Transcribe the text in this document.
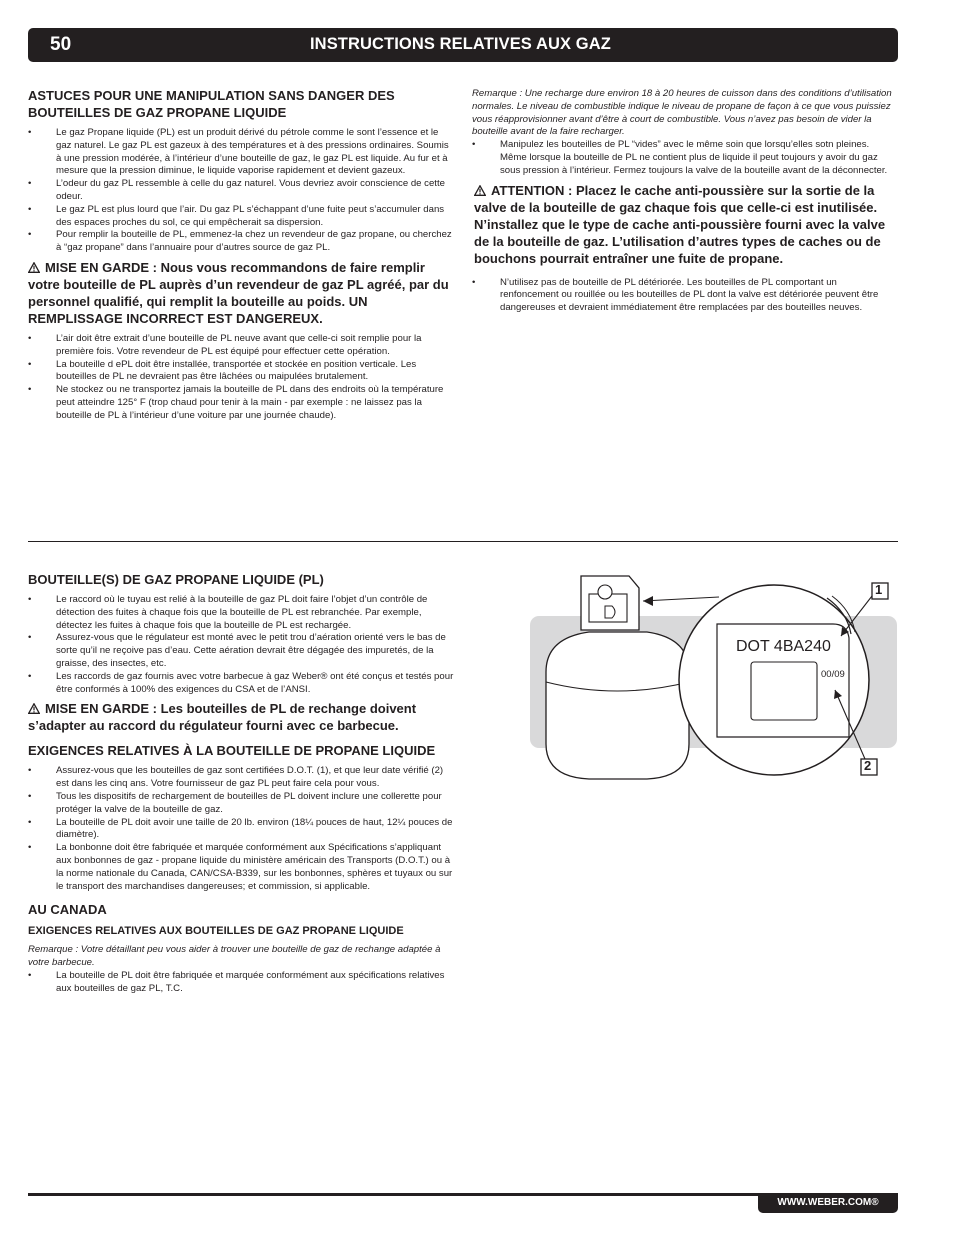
50	INSTRUCTIONS RELATIVES AUX GAZ

ASTUCES POUR UNE MANIPULATION SANS DANGER DES BOUTEILLES DE GAZ PROPANE LIQUIDE

• Le gaz Propane liquide (PL) est un produit dérivé du pétrole comme le sont l’essence et le gaz naturel. Le gaz PL est gazeux à des températures et à des pressions ordinaires. Soumis à une pression modérée, à l’intérieur d’une bouteille de gaz, le gaz PL est liquide. Au fur et à mesure que la pression diminue, le liquide vaporise rapidement et devient gazeux.
• L’odeur du gaz PL ressemble à celle du gaz naturel. Vous devriez avoir conscience de cette odeur.
• Le gaz PL est plus lourd que l’air. Du gaz PL s’échappant d’une fuite peut s’accumuler dans des espaces proches du sol, ce qui empêcherait sa dispersion.
• Pour remplir la bouteille de PL, emmenez-la chez un revendeur de gaz propane, ou cherchez à “gaz propane” dans l’annuaire pour d’autres source de gaz PL.

MISE EN GARDE : Nous vous recommandons de faire remplir votre bouteille de PL auprès d’un revendeur de gaz PL agréé, par du personnel qualifié, qui remplit la bouteille au poids. UN REMPLISSAGE INCORRECT EST DANGEREUX.

• L’air doit être extrait d’une bouteille de PL neuve avant que celle-ci soit remplie pour la première fois. Votre revendeur de PL est équipé pour effectuer cette opération.
• La bouteille d ePL doit être installée, transportée et stockée en position verticale. Les bouteilles de PL ne devraient pas être lâchées ou maipulées brutalement.
• Ne stockez ou ne transportez jamais la bouteille de PL dans des endroits où la température peut atteindre 125° F (trop chaud pour tenir à la main - par exemple : ne laissez pas la bouteille de PL à l’intérieur d’une voiture par une journée chaude).

Remarque : Une recharge dure environ 18 à 20 heures de cuisson dans des conditions d’utilisation normales. Le niveau de combustible indique le niveau de propane de façon à ce que vous puissiez vous réapprovisionner avant d’être à court de combustible. Vous n’avez pas besoin de vider la bouteille avant de la faire recharger.

• Manipulez les bouteilles de PL “vides” avec le même soin que lorsqu’elles sotn pleines. Même lorsque la bouteille de PL ne contient plus de liquide il peut toujours y avoir du gaz sous pression à l’intérieur. Fermez toujours la valve de la bouteille avant de la déconnecter.

ATTENTION : Placez le cache anti-poussière sur la sortie de la valve de la bouteille de gaz chaque fois que celle-ci est inutilisée. N’installez que le type de cache anti-poussière fourni avec la valve de la bouteille de gaz. L’utilisation d’autres types de caches ou de bouchons pourrait entraîner une fuite de propane.

• N’utilisez pas de bouteille de PL détériorée. Les bouteilles de PL comportant un renfoncement ou rouillée ou les bouteilles de PL dont la valve est détériorée peuvent être dangereuses et devraient immédiatement être remplacées par des bouteilles neuves.

BOUTEILLE(S) DE GAZ PROPANE LIQUIDE (PL)

• Le raccord où le tuyau est relié à la bouteille de gaz PL doit faire l’objet d’un contrôle de détection des fuites à chaque fois que la bouteille de PL est rebranchée. Par exemple, détectez les fuites à chaque fois que la bouteille de PL est rechargée.
• Assurez-vous que le régulateur est monté avec le petit trou d’aération orienté vers le bas de sorte qu’il ne reçoive pas d’eau. Cette aération devrait être dégagée des impuretés, de la graisse, des insectes, etc.
• Les raccords de gaz fournis avec votre barbecue à gaz Weber® ont été conçus et testés pour être conformés à 100% des exigences du CSA et de l’ANSI.

MISE EN GARDE : Les bouteilles de PL de rechange doivent s’adapter au raccord du régulateur fourni avec ce barbecue.

EXIGENCES RELATIVES À LA BOUTEILLE DE PROPANE LIQUIDE

• Assurez-vous que les bouteilles de gaz sont certifiées D.O.T. (1), et que leur date vérifié (2) est dans les cinq ans. Votre fournisseur de gaz PL peut faire cela pour vous.
• Tous les dispositifs de rechargement de bouteilles de PL doivent inclure une collerette pour protéger la valve de la bouteille de gaz.
• La bouteille de PL doit avoir une taille de 20 lb. environ (18¼ pouces de haut, 12¼ pouces de diamètre).
• La bonbonne doit être fabriquée et marquée conformément aux Spécifications s’appliquant aux bonbonnes de gaz - propane liquide du ministère américain des Transports (D.O.T.) ou à la norme nationale du Canada, CAN/CSA-B339, sur les bonbonnes, sphères et tuyaux ou sur le transport des marchandises dangereuses; et commission, si applicable.

AU CANADA

EXIGENCES RELATIVES AUX BOUTEILLES DE GAZ PROPANE LIQUIDE

Remarque : Votre détaillant peu vous aider à trouver une bouteille de gaz de rechange adaptée à votre barbecue.

• La bouteille de PL doit être fabriquée et marquée conformément aux spécifications relatives aux bouteilles de gaz PL, T.C.
DOT 4BA240
00/09
1
2
WWW.WEBER.COM®
